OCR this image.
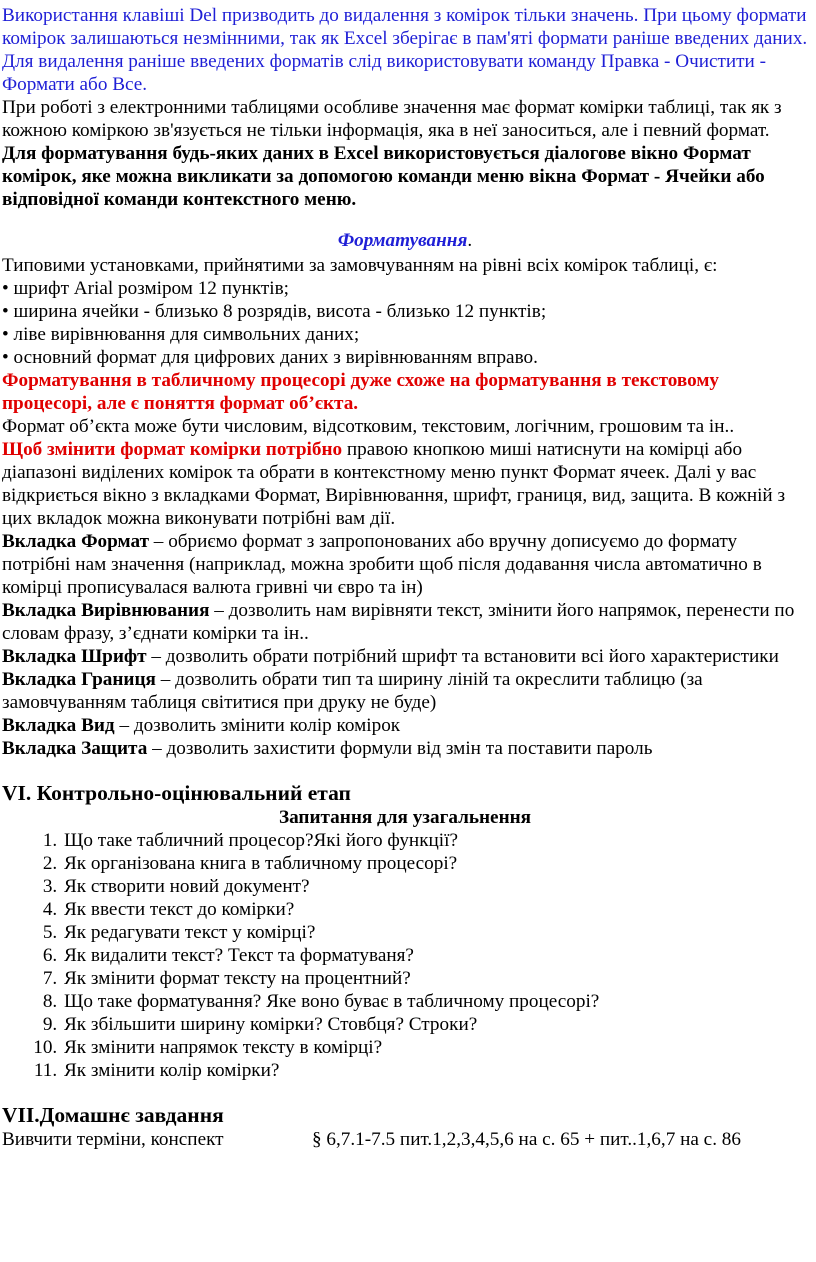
Використання клавіші Del призводить до видалення з комірок тільки значень. При цьому формати комірок залишаються незмінними, так як Excel зберігає в пам'яті формати раніше введених даних. Для видалення раніше введених форматів слід використовувати команду Правка - Очистити - Формати або Все.

При роботі з електронними таблицями особливе значення має формат комірки таблиці, так як з кожною коміркою зв'язується не тільки інформація, яка в неї заноситься, але і певний формат.

Для форматування будь-яких даних в Excel використовується діалогове вікно Формат комірок, яке можна викликати за допомогою команди меню вікна Формат - Ячейки або відповідної команди контекстного меню.

Форматування.

Типовими установками, прийнятими за замовчуванням на рівні всіх комірок таблиці, є:

• шрифт Arial розміром 12 пунктів;

• ширина ячейки - близько 8 розрядів, висота - близько 12 пунктів;

• ліве вирівнювання для символьних даних;

• основний формат для цифрових даних з вирівнюванням вправо.

Форматування в табличному процесорі дуже схоже на форматування в текстовому процесорі, але є поняття формат об’єкта.

Формат об’єкта може бути числовим, відсотковим, текстовим, логічним, грошовим та ін..

Щоб змінити формат комірки потрібно правою кнопкою миші натиснути на комірці або діапазоні виділених комірок та обрати в контекстному меню пункт Формат ячеек. Далі у вас відкриється вікно з вкладками Формат, Вирівнювання, шрифт, границя, вид, защита. В кожній з цих вкладок можна виконувати потрібні вам дії.

Вкладка Формат – обриємо формат з запропонованих або вручну дописуємо до формату потрібні нам значення (наприклад, можна зробити щоб після додавання числа автоматично в комірці прописувалася валюта гривні чи євро та ін)

Вкладка Вирівнювания – дозволить нам вирівняти текст, змінити його напрямок, перенести по словам фразу, з’єднати комірки та ін..

Вкладка Шрифт – дозволить обрати потрібний шрифт та встановити всі його характеристики

Вкладка Границя – дозволить обрати тип та ширину ліній та окреслити таблицю (за замовчуванням таблиця світитися при друку не буде)

Вкладка Вид – дозволить змінити колір комірок

Вкладка Защита – дозволить захистити формули від змін та поставити пароль

VI. Контрольно-оцінювальний етап

Запитання для узагальнення

1. Що таке табличний процесор?Які його функції?
2. Як організована книга в табличному процесорі?
3. Як створити новий документ?
4. Як ввести текст до комірки?
5. Як редагувати текст у комірці?
6. Як видалити текст? Текст та форматуваня?
7. Як змінити формат тексту на процентний?
8. Що таке форматування? Яке воно буває в табличному процесорі?
9. Як збільшити ширину комірки? Стовбця? Строки?
10. Як змінити напрямок тексту в комірці?
11. Як змінити колір комірки?

VII.Домашнє завдання

Вивчити терміни, конспект	§ 6,7.1-7.5 пит.1,2,3,4,5,6 на с. 65 + пит..1,6,7 на с. 86
